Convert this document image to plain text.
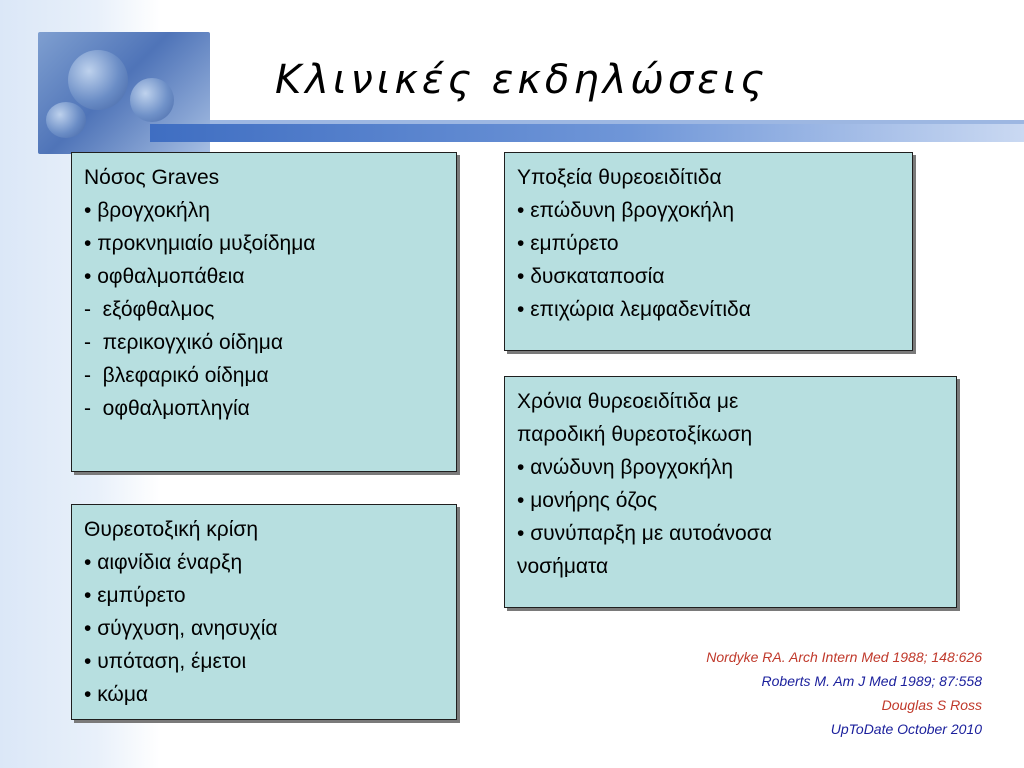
Κλινικές εκδηλώσεις
Νόσος Graves
• βρογχοκήλη
• προκνημιαίο μυξοίδημα
• οφθαλμοπάθεια
-  εξόφθαλμος
-  περικογχικό οίδημα
-  βλεφαρικό οίδημα
-  οφθαλμοπληγία
Υποξεία θυρεοειδίτιδα
• επώδυνη βρογχοκήλη
• εμπύρετο
• δυσκαταποσία
• επιχώρια λεμφαδενίτιδα
Χρόνια θυρεοειδίτιδα με
παροδική θυρεοτοξίκωση
• ανώδυνη βρογχοκήλη
• μονήρης όζος
• συνύπαρξη με αυτοάνοσα
νοσήματα
Θυρεοτοξική κρίση
• αιφνίδια έναρξη
• εμπύρετο
• σύγχυση, ανησυχία
• υπόταση, έμετοι
• κώμα
Nordyke RA. Arch Intern Med 1988; 148:626
Roberts M. Am J Med 1989; 87:558
Douglas S Ross
UpToDate October 2010
